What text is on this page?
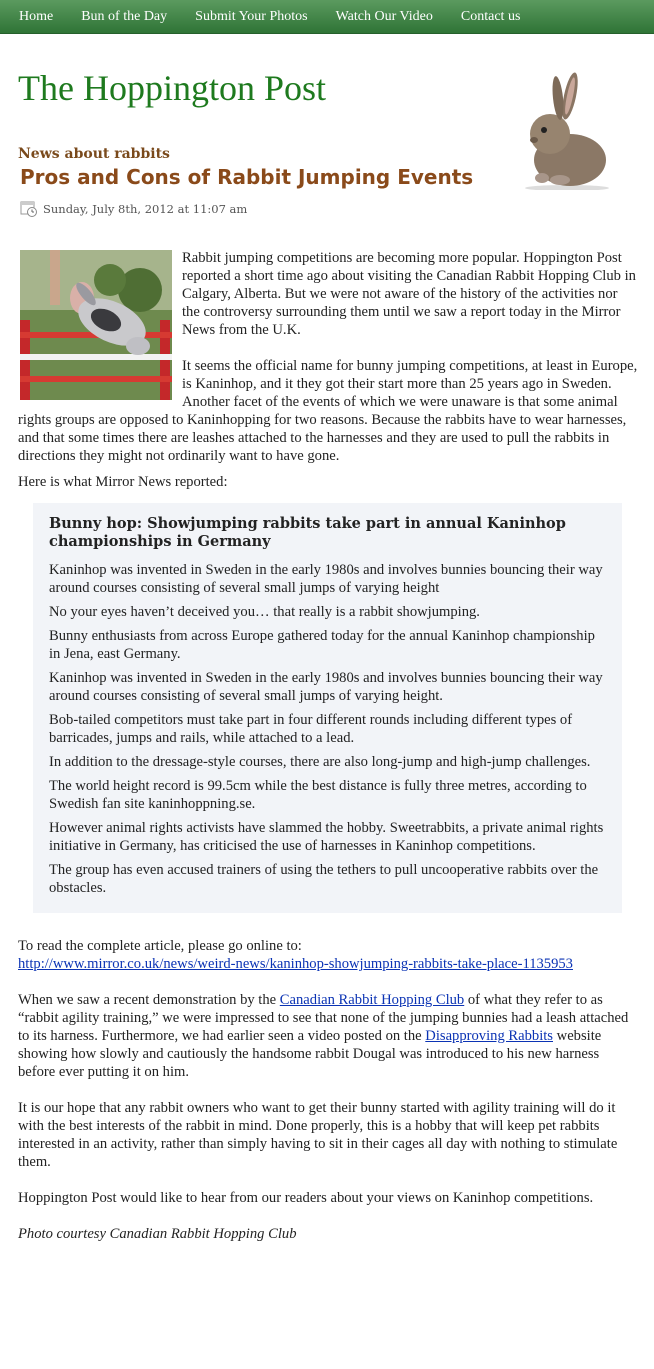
Home Bun of the Day Submit Your Photos Watch Our Video Contact us
The Hoppington Post
News about rabbits
Pros and Cons of Rabbit Jumping Events
Sunday, July 8th, 2012 at 11:07 am

Rabbit jumping competitions are becoming more popular. Hoppington Post reported a short time ago about visiting the Canadian Rabbit Hopping Club in Calgary, Alberta. But we were not aware of the history of the activities nor the controversy surrounding them until we saw a report today in the Mirror News from the U.K.

It seems the official name for bunny jumping competitions, at least in Europe, is Kaninhop, and it they got their start more than 25 years ago in Sweden. Another facet of the events of which we were unaware is that some animal rights groups are opposed to Kaninhopping for two reasons. Because the rabbits have to wear harnesses, and that some times there are leashes attached to the harnesses and they are used to pull the rabbits in directions they might not ordinarily want to have gone.

Here is what Mirror News reported:

Bunny hop: Showjumping rabbits take part in annual Kaninhop championships in Germany

Kaninhop was invented in Sweden in the early 1980s and involves bunnies bouncing their way around courses consisting of several small jumps of varying height

No your eyes haven’t deceived you… that really is a rabbit showjumping.

Bunny enthusiasts from across Europe gathered today for the annual Kaninhop championship in Jena, east Germany.

Kaninhop was invented in Sweden in the early 1980s and involves bunnies bouncing their way around courses consisting of several small jumps of varying height.

Bob-tailed competitors must take part in four different rounds including different types of barricades, jumps and rails, while attached to a lead.

In addition to the dressage-style courses, there are also long-jump and high-jump challenges.

The world height record is 99.5cm while the best distance is fully three metres, according to Swedish fan site kaninhoppning.se.

However animal rights activists have slammed the hobby. Sweetrabbits, a private animal rights initiative in Germany, has criticised the use of harnesses in Kaninhop competitions.

The group has even accused trainers of using the tethers to pull uncooperative rabbits over the obstacles.

To read the complete article, please go online to:
http://www.mirror.co.uk/news/weird-news/kaninhop-showjumping-rabbits-take-place-1135953

When we saw a recent demonstration by the Canadian Rabbit Hopping Club of what they refer to as “rabbit agility training,” we were impressed to see that none of the jumping bunnies had a leash attached to its harness. Furthermore, we had earlier seen a video posted on the Disapproving Rabbits website showing how slowly and cautiously the handsome rabbit Dougal was introduced to his new harness before ever putting it on him.

It is our hope that any rabbit owners who want to get their bunny started with agility training will do it with the best interests of the rabbit in mind. Done properly, this is a hobby that will keep pet rabbits interested in an activity, rather than simply having to sit in their cages all day with nothing to stimulate them.

Hoppington Post would like to hear from our readers about your views on Kaninhop competitions.

Photo courtesy Canadian Rabbit Hopping Club
